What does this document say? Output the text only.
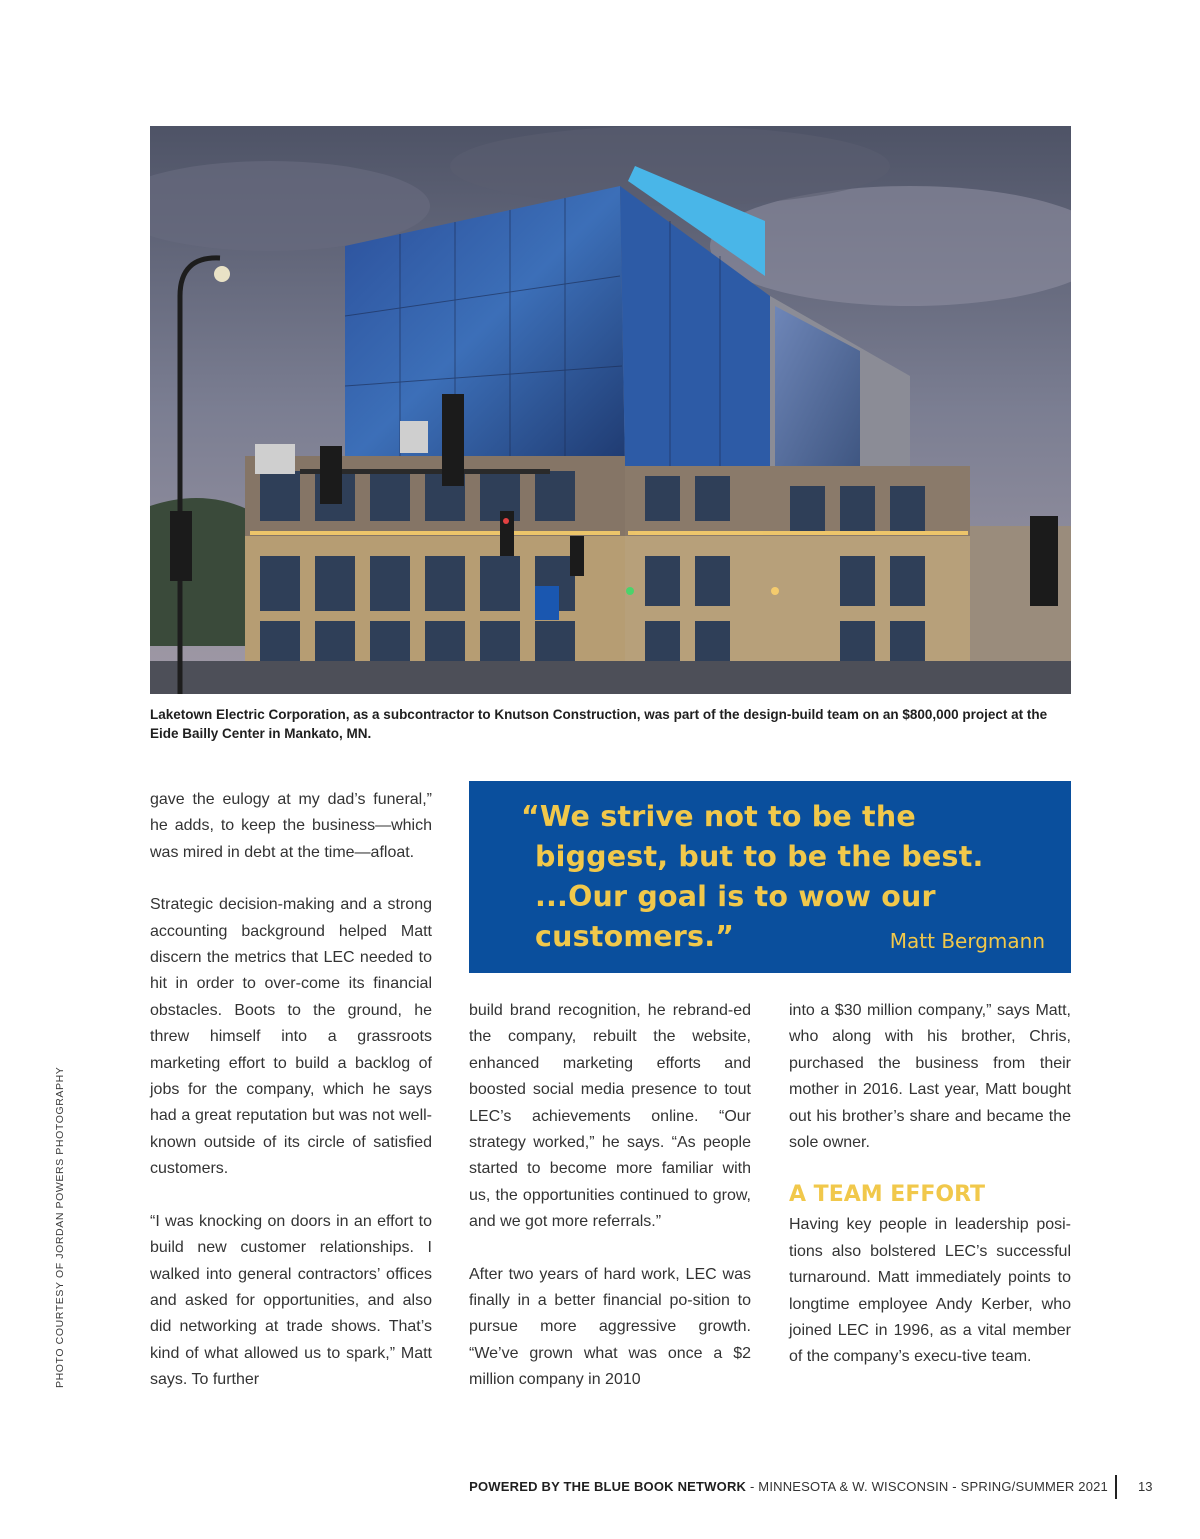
Laketown Electric Corporation, as a subcontractor to Knutson Construction, was part of the design-build team on an $800,000 project at the Eide Bailly Center in Mankato, MN.

gave the eulogy at my dad’s funeral,” he adds, to keep the business—which was mired in debt at the time—afloat.

Strategic decision-making and a strong accounting background helped Matt discern the metrics that LEC needed to hit in order to over-come its financial obstacles. Boots to the ground, he threw himself into a grassroots marketing effort to build a backlog of jobs for the company, which he says had a great reputation but was not well-known outside of its circle of satisfied customers.

“I was knocking on doors in an effort to build new customer relationships. I walked into general contractors’ offices and asked for opportunities, and also did networking at trade shows. That’s kind of what allowed us to spark,” Matt says. To further

“We strive not to be the biggest, but to be the best. ...Our goal is to wow our customers.”	Matt Bergmann

build brand recognition, he rebrand-ed the company, rebuilt the website, enhanced marketing efforts and boosted social media presence to tout LEC’s achievements online. “Our strategy worked,” he says. “As people started to become more familiar with us, the opportunities continued to grow, and we got more referrals.”

After two years of hard work, LEC was finally in a better financial po-sition to pursue more aggressive growth. “We’ve grown what was once a $2 million company in 2010

into a $30 million company,” says Matt, who along with his brother, Chris, purchased the business from their mother in 2016. Last year, Matt bought out his brother’s share and became the sole owner.

A TEAM EFFORT

Having key people in leadership posi-tions also bolstered LEC’s successful turnaround. Matt immediately points to longtime employee Andy Kerber, who joined LEC in 1996, as a vital member of the company’s execu-tive team.

PHOTO COURTESY OF JORDAN POWERS PHOTOGRAPHY
POWERED BY THE BLUE BOOK NETWORK - MINNESOTA & W. WISCONSIN - SPRING/SUMMER 2021 13
